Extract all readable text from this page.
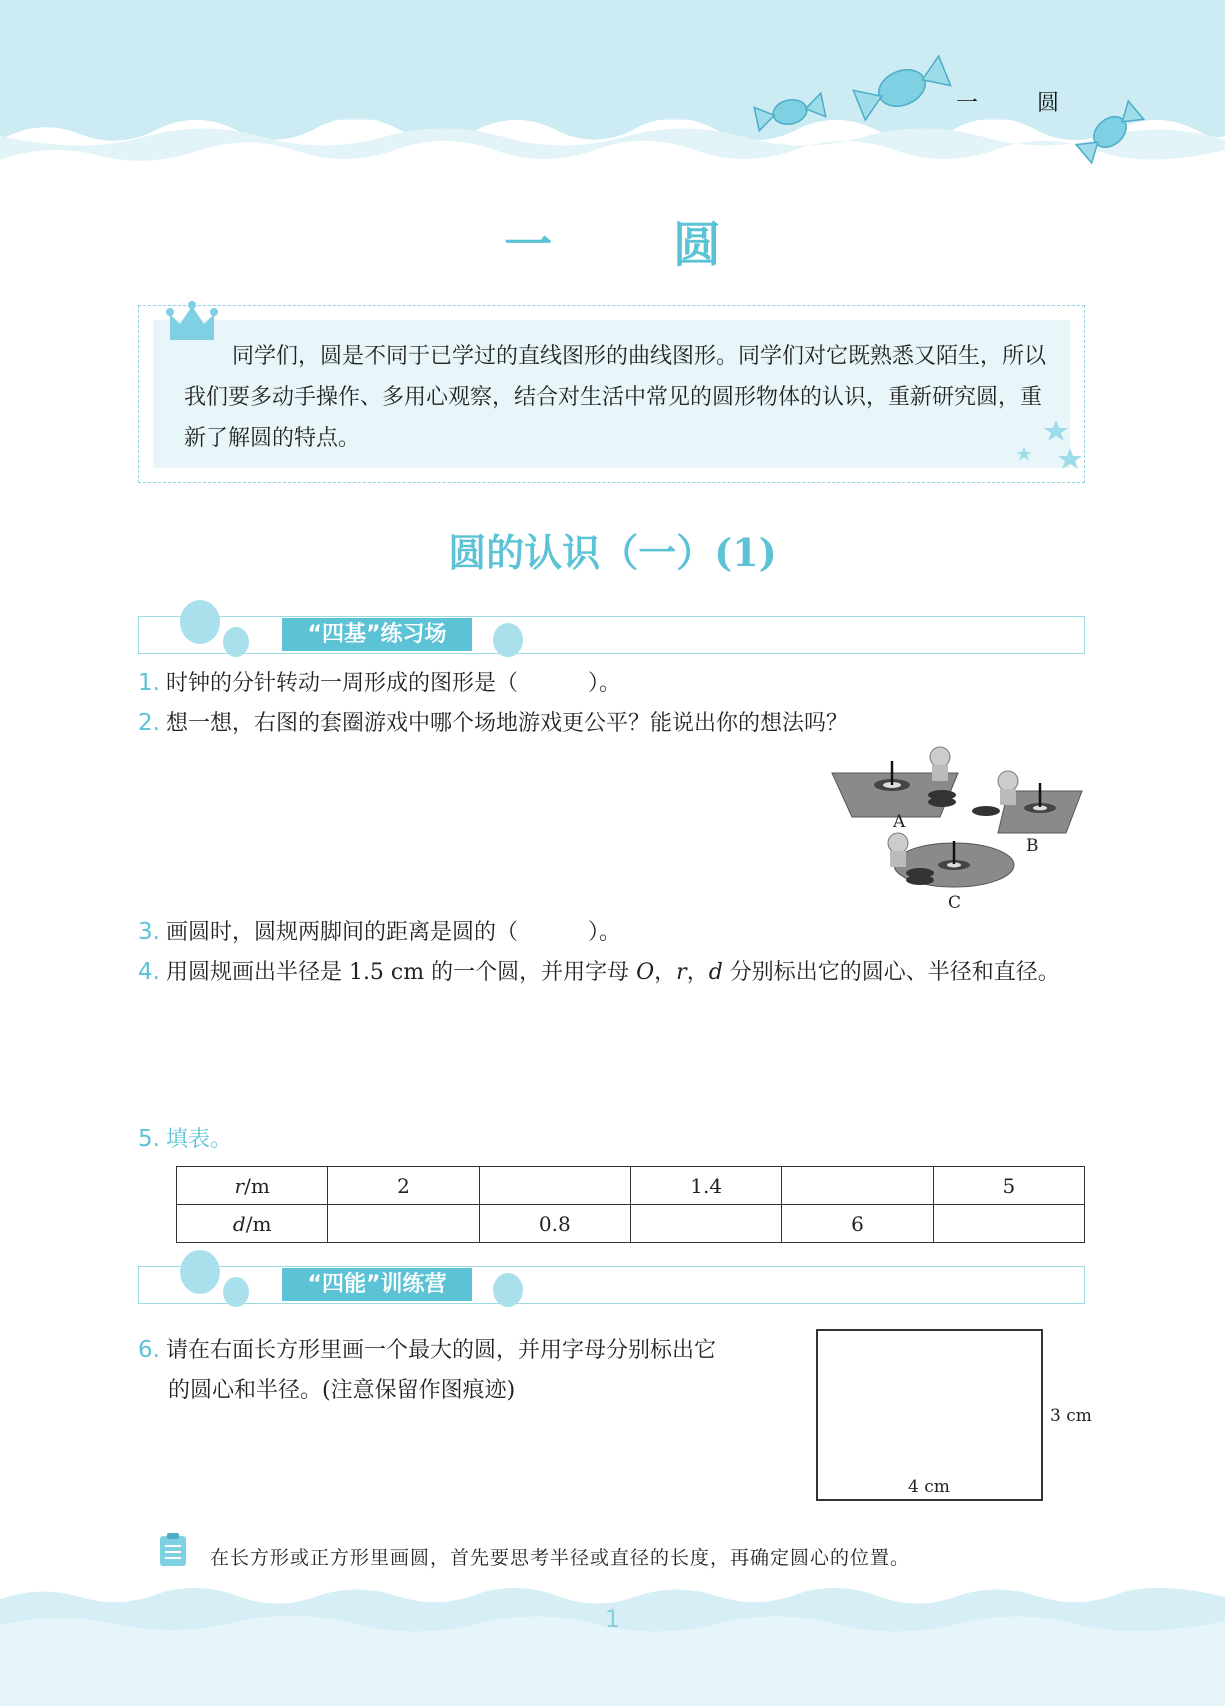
一 圆
一 圆
同学们，圆是不同于已学过的直线图形的曲线图形。同学们对它既熟悉又陌生，所以我们要多动手操作、多用心观察，结合对生活中常见的圆形物体的认识，重新研究圆，重新了解圆的特点。
圆的认识（一）(1)
“四基”练习场
1. 时钟的分针转动一周形成的图形是（	）。
2. 想一想，右图的套圈游戏中哪个场地游戏更公平？能说出你的想法吗？
A
B
C
3. 画圆时，圆规两脚间的距离是圆的（	）。
4. 用圆规画出半径是 1.5 cm 的一个圆，并用字母 O，r，d 分别标出它的圆心、半径和直径。
5. 填表。
r/m	2		1.4		5
d/m		0.8		6	
“四能”训练营
6. 请在右面长方形里画一个最大的圆，并用字母分别标出它
的圆心和半径。(注意保留作图痕迹)
3 cm
4 cm
在长方形或正方形里画圆，首先要思考半径或直径的长度，再确定圆心的位置。
1
